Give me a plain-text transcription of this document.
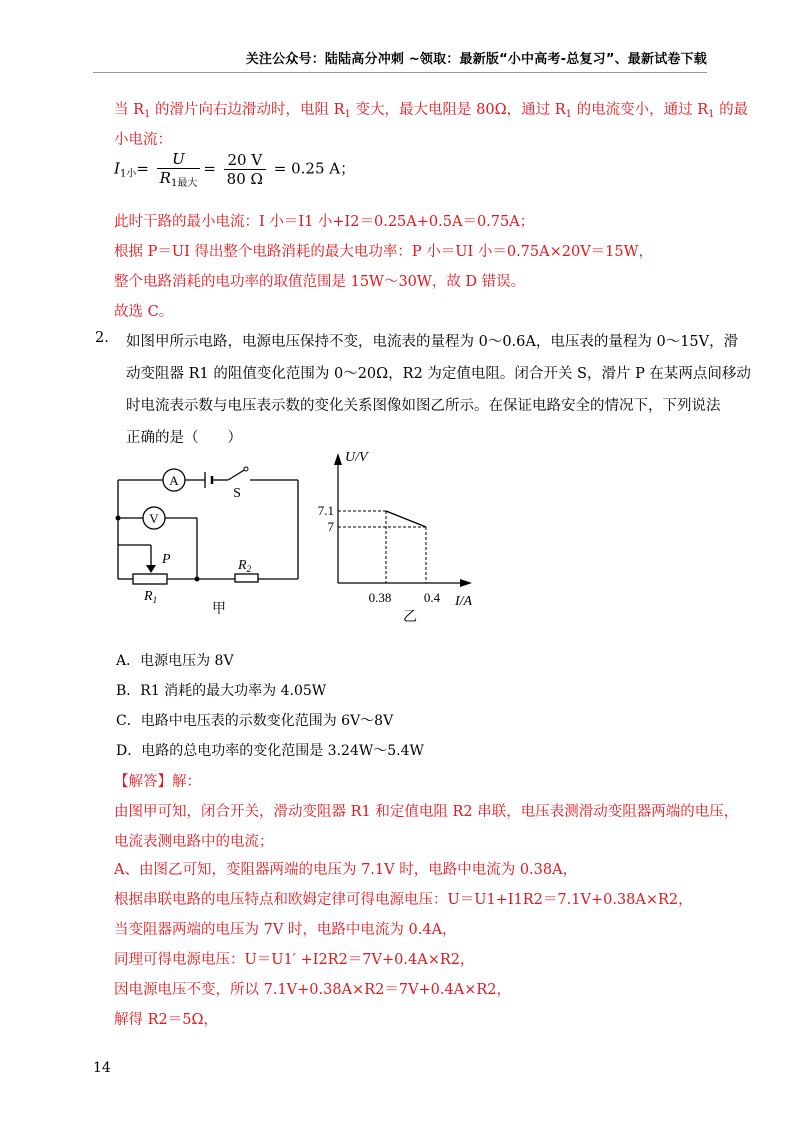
关注公众号：陆陆高分冲刺 ~领取：最新版“小中高考-总复习”、最新试卷下载
当 $R_1$ 的滑片向右边滑动时，电阻 $R_1$ 变大，最大电阻是 80Ω，通过 $R_1$ 的电流变小，通过 $R_1$ 的最
小电流：
$I_{1小}= \frac{U}{R_{1最大}} = \frac{20 V}{80 \Omega} = 0.25$ A；
此时干路的最小电流：I 小＝I1 小+I2＝0.25A+0.5A＝0.75A；
根据 P＝UI 得出整个电路消耗的最大电功率：P 小＝UI 小＝0.75A×20V＝15W，
整个电路消耗的电功率的取值范围是 15W～30W，故 D 错误。
故选 C。
2. 如图甲所示电路，电源电压保持不变，电流表的量程为 0～0.6A，电压表的量程为 0～15V，滑
动变阻器 R1 的阻值变化范围为 0～20Ω，R2 为定值电阻。闭合开关 S，滑片 P 在某两点间移动
时电流表示数与电压表示数的变化关系图像如图乙所示。在保证电路安全的情况下，下列说法
正确的是（　　）
A
V
S
P
$R_1$
$R_2$
甲
7.1
7
0.38	0.4
U/V
I/A
乙
A．电源电压为 8V
B．R1 消耗的最大功率为 4.05W
C．电路中电压表的示数变化范围为 6V～8V
D．电路的总电功率的变化范围是 3.24W～5.4W
【解答】解：
由图甲可知，闭合开关，滑动变阻器 R1 和定值电阻 R2 串联，电压表测滑动变阻器两端的电压，
电流表测电路中的电流；
A、由图乙可知，变阻器两端的电压为 7.1V 时，电路中电流为 0.38A，
根据串联电路的电压特点和欧姆定律可得电源电压：U＝U1+I1R2＝7.1V+0.38A×R2，
当变阻器两端的电压为 7V 时，电路中电流为 0.4A，
同理可得电源电压：U＝U1′ +I2R2＝7V+0.4A×R2，
因电源电压不变，所以 7.1V+0.38A×R2＝7V+0.4A×R2，
解得 R2＝5Ω，
14
